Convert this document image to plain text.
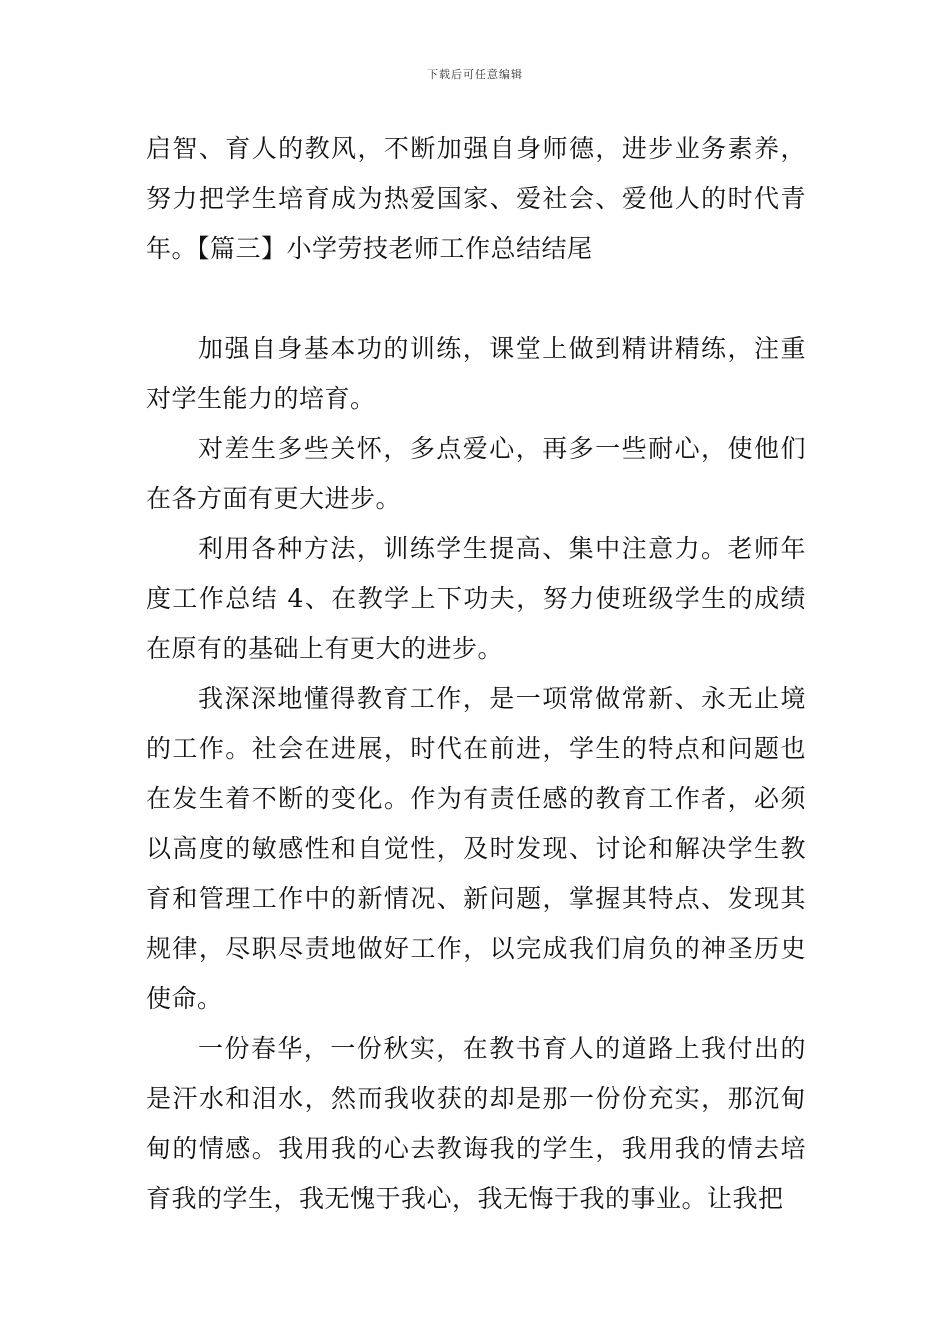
下载后可任意编辑

启智、育人的教风，不断加强自身师德，进步业务素养，努力把学生培育成为热爱国家、爱社会、爱他人的时代青年。【篇三】小学劳技老师工作总结结尾

加强自身基本功的训练，课堂上做到精讲精练，注重对学生能力的培育。

对差生多些关怀，多点爱心，再多一些耐心，使他们在各方面有更大进步。

利用各种方法，训练学生提高、集中注意力。老师年度工作总结 4、在教学上下功夫，努力使班级学生的成绩在原有的基础上有更大的进步。

我深深地懂得教育工作，是一项常做常新、永无止境的工作。社会在进展，时代在前进，学生的特点和问题也在发生着不断的变化。作为有责任感的教育工作者，必须以高度的敏感性和自觉性，及时发现、讨论和解决学生教育和管理工作中的新情况、新问题，掌握其特点、发现其规律，尽职尽责地做好工作，以完成我们肩负的神圣历史使命。

一份春华，一份秋实，在教书育人的道路上我付出的是汗水和泪水，然而我收获的却是那一份份充实，那沉甸甸的情感。我用我的心去教诲我的学生，我用我的情去培育我的学生，我无愧于我心，我无悔于我的事业。让我把
